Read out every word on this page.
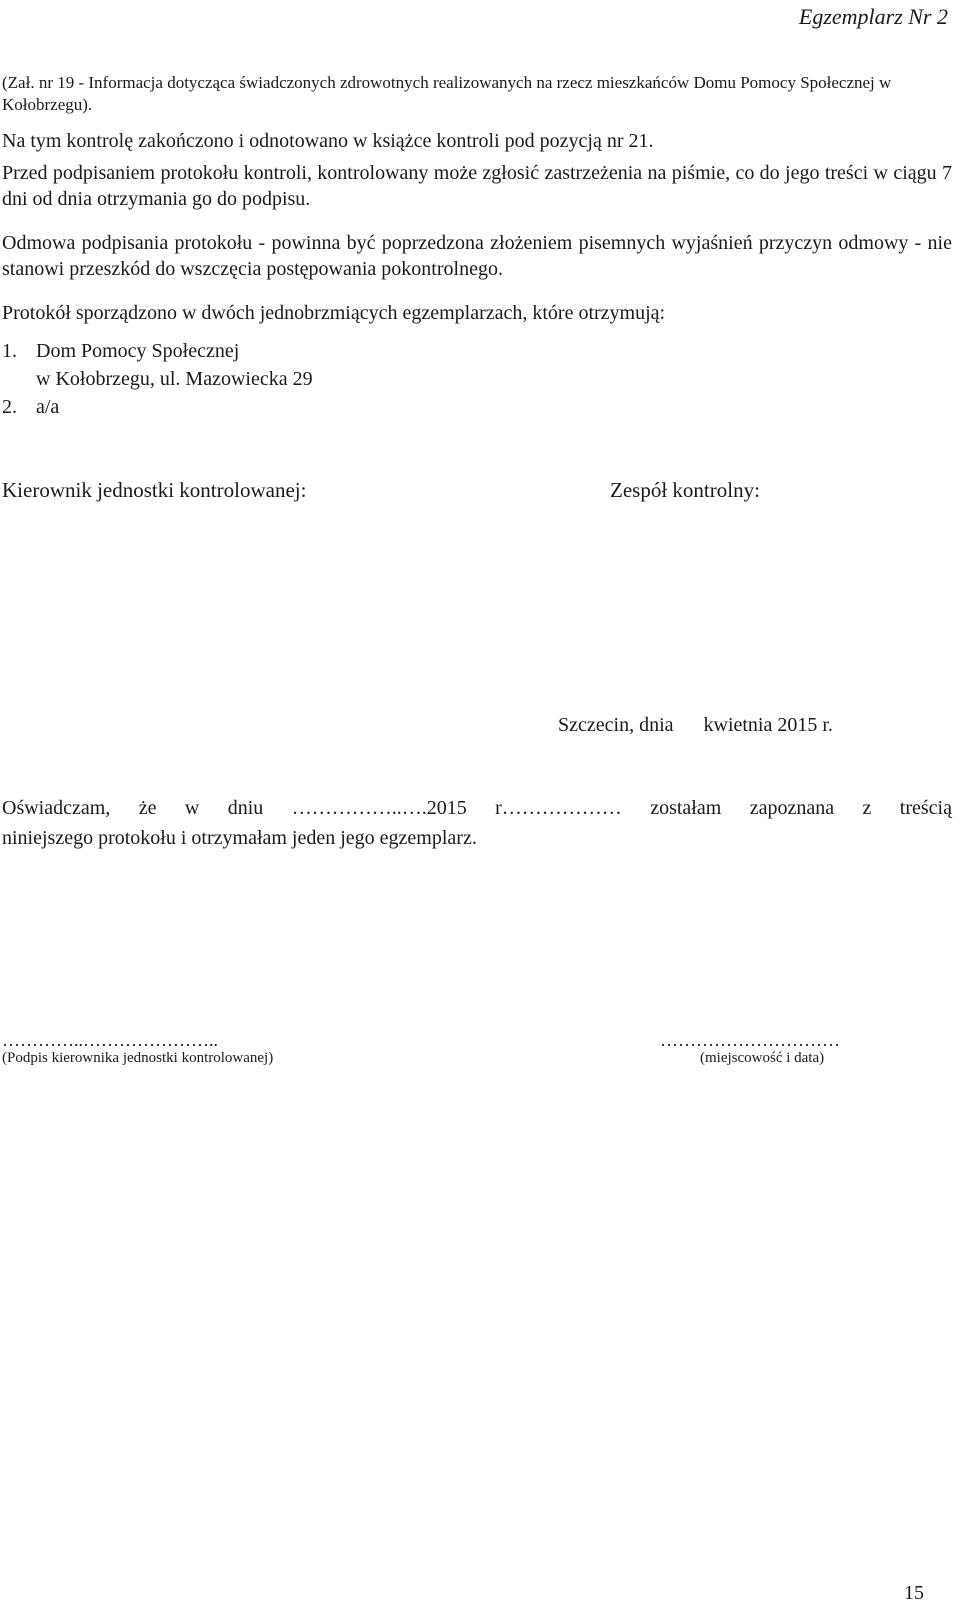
Egzemplarz Nr 2
(Zał. nr 19 - Informacja dotycząca świadczonych zdrowotnych realizowanych na rzecz mieszkańców Domu Pomocy Społecznej w Kołobrzegu).
Na tym kontrolę zakończono i odnotowano w książce kontroli pod pozycją nr 21.
Przed podpisaniem protokołu kontroli, kontrolowany może zgłosić zastrzeżenia na piśmie, co do jego treści w ciągu 7 dni od dnia otrzymania go do podpisu.
Odmowa podpisania protokołu - powinna być poprzedzona złożeniem pisemnych wyjaśnień przyczyn odmowy - nie stanowi przeszkód do wszczęcia postępowania pokontrolnego.
Protokół sporządzono w dwóch jednobrzmiących egzemplarzach, które otrzymują:
1. Dom Pomocy Społecznej
w Kołobrzegu, ul. Mazowiecka 29
2. a/a
Kierownik jednostki kontrolowanej:	Zespół kontrolny:
Szczecin, dnia      kwietnia 2015 r.
Oświadczam, że w dniu ……………..….2015 r……………… zostałam zapoznana z treścią
niniejszego protokołu i otrzymałam jeden jego egzemplarz.
…………..…………………..
(Podpis kierownika jednostki kontrolowanej)
…………………………
(miejscowość i data)
15
